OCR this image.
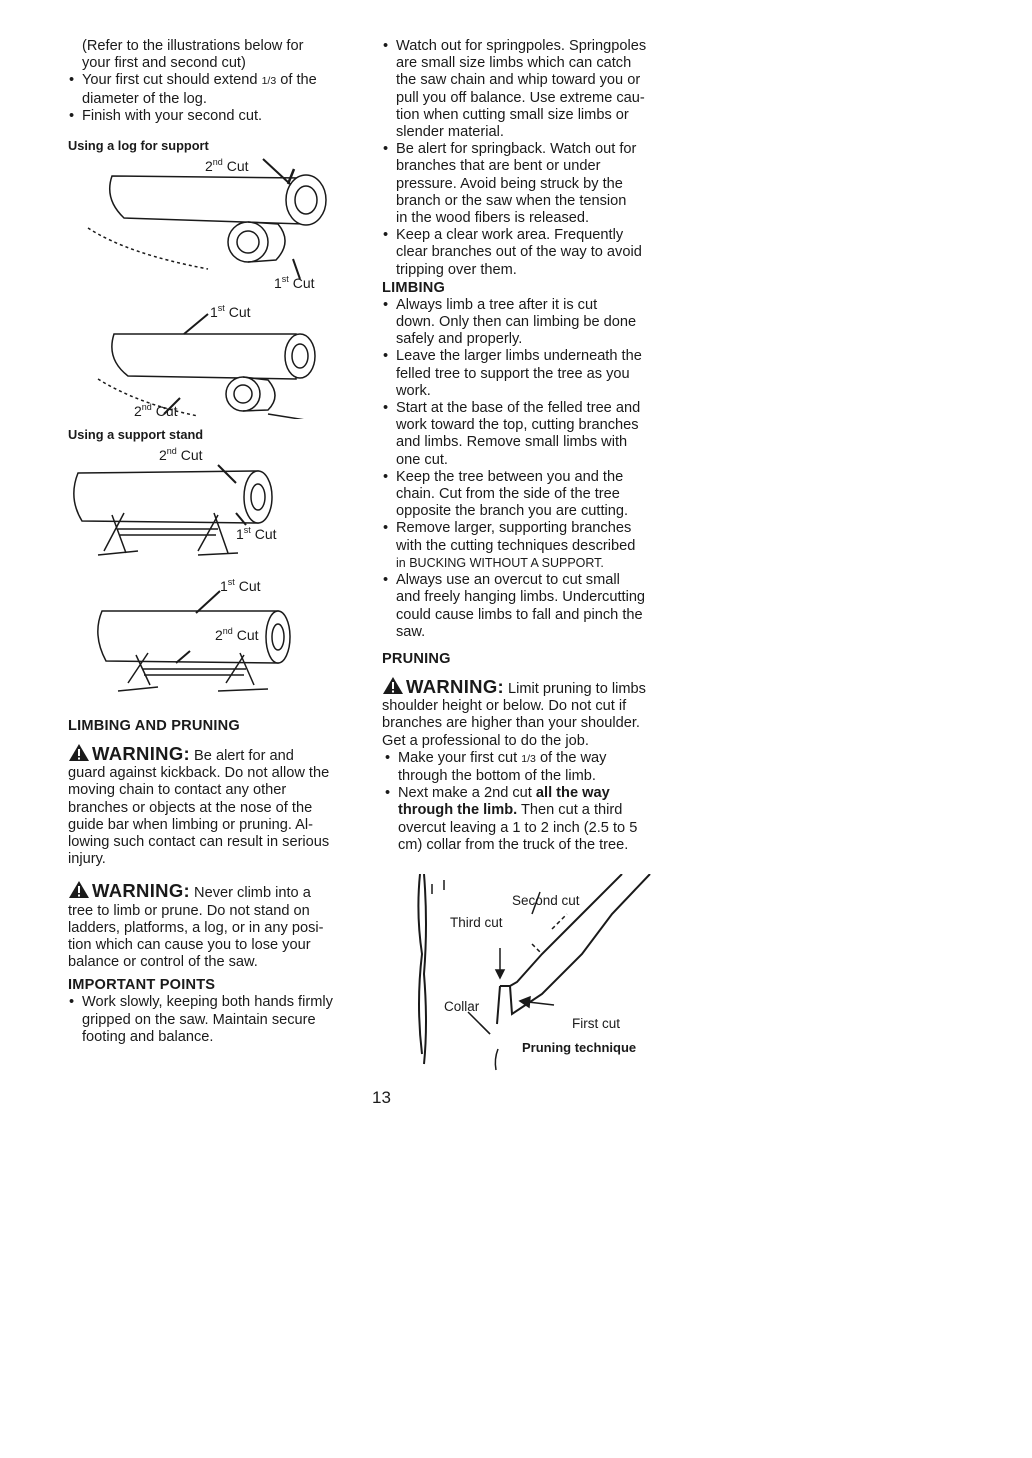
(Refer to the illustrations below for

your first and second cut)

• Your first cut should extend 1/3 of the
diameter of the log.
• Finish with your second cut.

Using a log for support

2nd Cut
1st Cut
1st Cut
2nd Cut

Using a support stand

2nd Cut
1st Cut
1st Cut
2nd Cut

LIMBING AND PRUNING

WARNING: Be alert for and
guard against kickback. Do not allow the
moving chain to contact any other
branches or objects at the nose of the
guide bar when limbing or pruning. Al-
lowing such contact can result in serious
injury.
WARNING: Never climb into a
tree to limb or prune. Do not stand on
ladders, platforms, a log, or in any posi-
tion which can cause you to lose your
balance or control of the saw.

IMPORTANT POINTS

• Work slowly, keeping both hands firmly
gripped on the saw. Maintain secure
footing and balance.
• Watch out for springpoles. Springpoles
are small size limbs which can catch
the saw chain and whip toward you or
pull you off balance. Use extreme cau-
tion when cutting small size limbs or
slender material.
• Be alert for springback. Watch out for
branches that are bent or under
pressure. Avoid being struck by the
branch or the saw when the tension
in the wood fibers is released.
• Keep a clear work area. Frequently
clear branches out of the way to avoid
tripping over them.

LIMBING

• Always limb a tree after it is cut
down. Only then can limbing be done
safely and properly.
• Leave the larger limbs underneath the
felled tree to support the tree as you
work.
• Start at the base of the felled tree and
work toward the top, cutting branches
and limbs. Remove small limbs with
one cut.
• Keep the tree between you and the
chain. Cut from the side of the tree
opposite the branch you are cutting.
• Remove larger, supporting branches
with the cutting techniques described
in BUCKING WITHOUT A SUPPORT.
• Always use an overcut to cut small
and freely hanging limbs. Undercutting
could cause limbs to fall and pinch the
saw.

PRUNING

WARNING: Limit pruning to limbs
shoulder height or below. Do not cut if
branches are higher than your shoulder.
Get a professional to do the job.
• Make your first cut 1/3 of the way
through the bottom of the limb.
• Next make a 2nd cut all the way
through the limb. Then cut a third
overcut leaving a 1 to 2 inch (2.5 to 5
cm) collar from the truck of the tree.
Second cut
Third cut
Collar
First cut
Pruning technique
13
